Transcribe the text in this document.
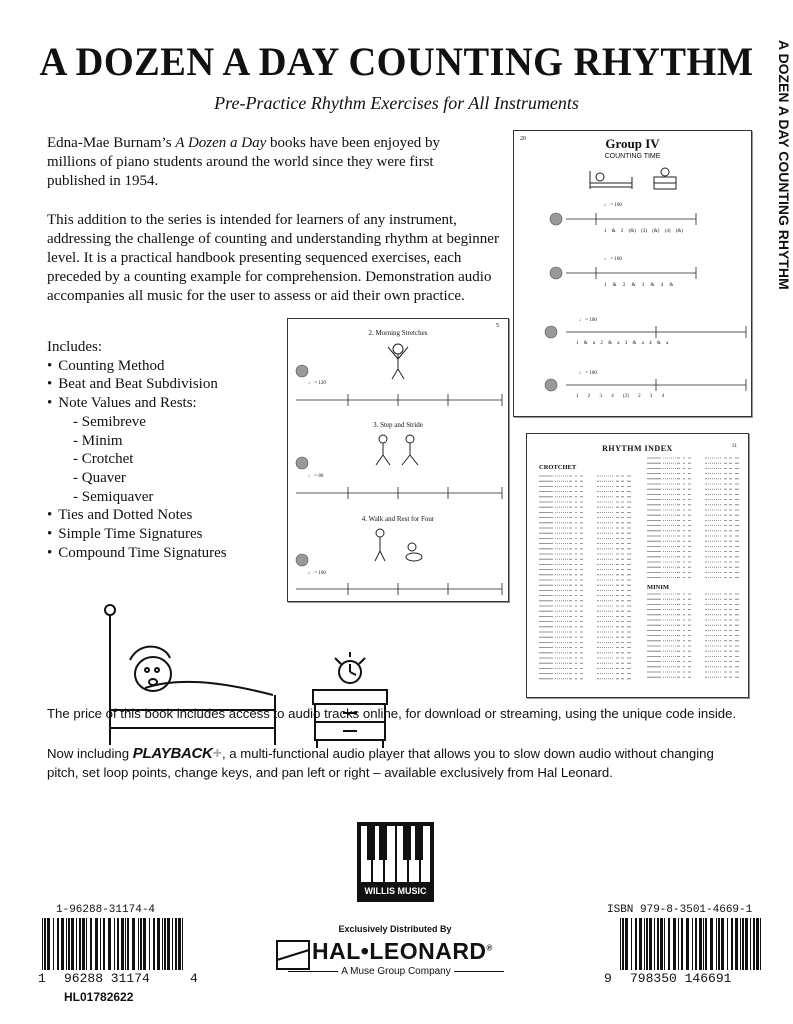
A DOZEN A DAY COUNTING RHYTHM
Pre-Practice Rhythm Exercises for All Instruments	A DOZEN A DAY COUNTING RHYTHM
Edna-Mae Burnam’s A Dozen a Day books have been enjoyed by millions of piano students around the world since they were first published in 1954.
This addition to the series is intended for learners of any instrument, addressing the challenge of counting and understanding rhythm at beginner level. It is a practical handbook presenting sequenced exercises, each preceded by a counting example for comprehension. Demonstration audio accompanies all music for the user to assess or aid their own practice.
Includes:
• Counting Method
• Beat and Beat Subdivision
• Note Values and Rests:
- Semibreve
- Minim
- Crotchet
- Quaver
- Semiquaver
• Ties and Dotted Notes
• Simple Time Signatures
• Compound Time Signatures
20	Group IV
COUNTING TIME
♩ = 100
1 & 2 (&) (3) (&) (4) (&)
♩ = 100
1 & 2 & 3 & 4 &
♩ = 100
1 & a 2 & a 3 & a 4 & a
♩ = 100
1 2 3 4 (2) 2 3 4
5
2. Morning Stretches
3. Step and Stride
4. Walk and Rest for Four
♩ = 120
♩ = 80
♩ = 100
RHYTHM INDEX	31
CROTCHET
MINIM
The price of this book includes access to audio tracks online, for download or streaming, using the unique code inside.
Now including PLAYBACK+, a multi-functional audio player that allows you to slow down audio without changing pitch, set loop points, change keys, and pan left or right – available exclusively from Hal Leonard.
WILLIS MUSIC
Exclusively Distributed By
HAL•LEONARD®
A Muse Group Company
1-96288-31174-4
1 96288 31174	4
HL01782622
ISBN 979-8-3501-4669-1
9 798350 146691
